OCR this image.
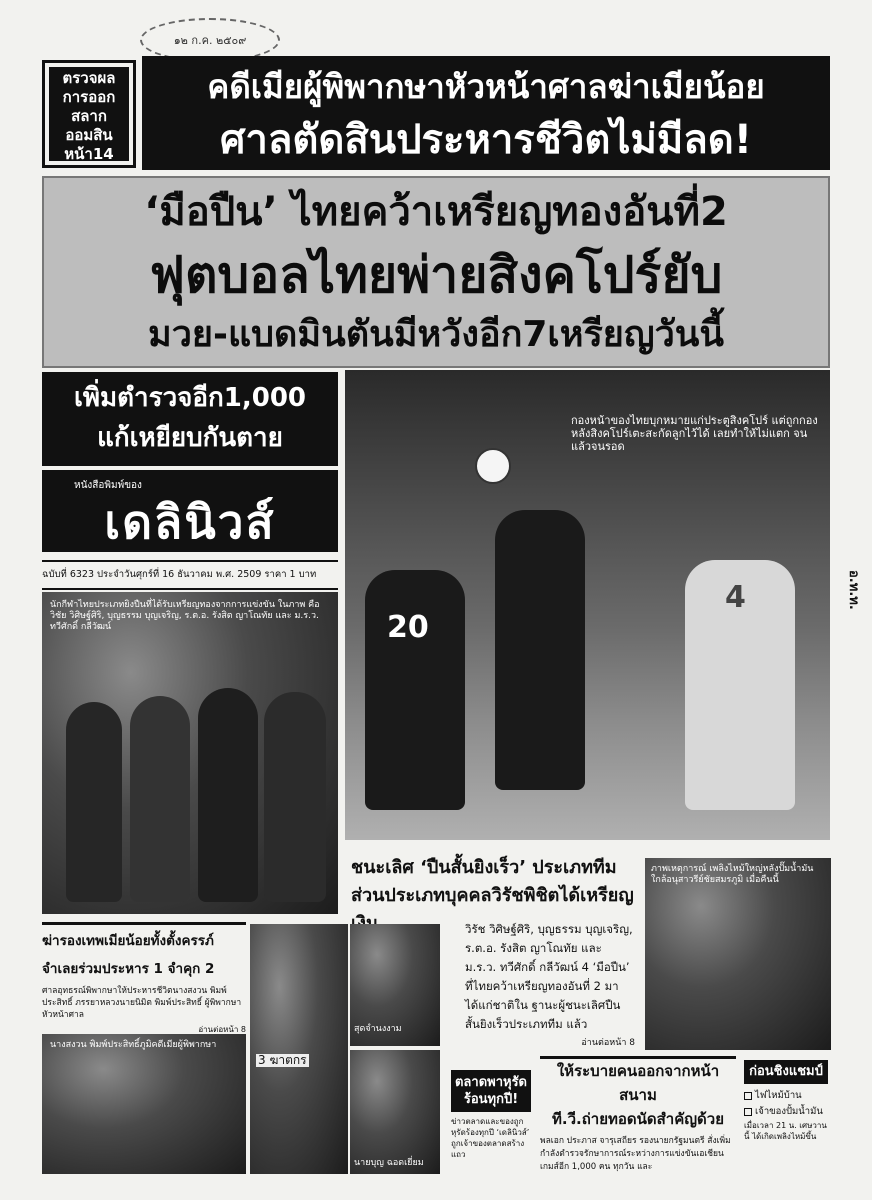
๑๒ ก.ค. ๒๕๐๙
ตรวจผล
การออก
สลาก
ออมสิน
หน้า14
คดีเมียผู้พิพากษาหัวหน้าศาลฆ่าเมียน้อย
ศาลตัดสินประหารชีวิตไม่มีลด!
‘มือปืน’ ไทยคว้าเหรียญทองอันที่2
ฟุตบอลไทยพ่ายสิงคโปร์ยับ
มวย-แบดมินตันมีหวังอีก7เหรียญวันนี้
เพิ่มตำรวจอีก1,000
แก้เหยียบกันตาย
หนังสือพิมพ์ของ
เดลินิวส์
ฉบับที่ 6323 ประจำวันศุกร์ที่ 16 ธันวาคม พ.ศ. 2509 ราคา 1 บาท
นักกีฬาไทยประเภทยิงปืนที่ได้รับเหรียญทองจากการแข่งขัน ในภาพ คือ วิชัย วิศิษฐ์ศิริ, บุญธรรม บุญเจริญ, ร.ต.อ. รังสิต ญาโณทัย และ ม.ร.ว. ทวีศักดิ์ กลีวัฒน์
กองหน้าของไทยบุกหมายแก่ประตูสิงคโปร์ แต่ถูกกองหลังสิงคโปร์เตะสะกัดลูกไว้ได้ เลยทำให้ไม่แตก จนแล้วจนรอด
20
4	อ.ท.ท.
ชนะเลิศ ‘ปืนสั้นยิงเร็ว’ ประเภททีม
ส่วนประเภทบุคคลวิรัชพิชิตได้เหรียญ
วิรัช วิศิษฐ์ศิริ, บุญธรรม บุญเจริญ, ร.ต.อ. รังสิต ญาโณทัย และ ม.ร.ว. ทวีศักดิ์ กลีวัฒน์ 4 ‘มือปืน’ ที่ไทยคว้าเหรียญทองอันที่ 2 มาได้แก่ชาติใน ฐานะผู้ชนะเลิศปืนสั้นยิงเร็วประเภททีม แล้ว
อ่านต่อหน้า 8
ภาพเหตุการณ์ เพลิงไหม้ใหญ่หลังปั๊มน้ำมัน ใกล้อนุสาวรีย์ชัยสมรภูมิ เมื่อคืนนี้
ฆ่ารองเทพเมียน้อยทั้งตั้งครรภ์
จำเลยร่วมประหาร 1 จำคุก 2
ศาลอุทธรณ์พิพากษาให้ประหารชีวิตนางสงวน พิมพ์ประสิทธิ์ ภรรยาหลวงนายนิมิต พิมพ์ประสิทธิ์ ผู้พิพากษาหัวหน้าศาล
อ่านต่อหน้า 8
นางสงวน พิมพ์ประสิทธิ์ภูมิคดีเมียผู้พิพากษา
3 ฆาตกร
สุดจำนงงาม
นายบุญ ฉอดเยี่ยม
ตลาดพาหุรัด ร้อนทุกปี!
ข่าวตลาดและของถูก หุรัดร้องทุกปี ‘เดลินิวส์’ ถูกเจ้าของตลาดสร้างแถว
ให้ระบายคนออกจากหน้าสนาม
ที.วี.ถ่ายทอดนัดสำคัญด้วย
พลเอก ประภาส จารุเสถียร รองนายกรัฐมนตรี สั่งเพิ่มกำลังตำรวจรักษาการณ์ระหว่างการแข่งขันเอเชียนเกมส์อีก 1,000 คน ทุกวัน และ
ก่อนชิงแชมป์
ไฟไหม้บ้าน
เจ้าของปั้มน้ำมัน
เมื่อเวลา 21 น. เศษวานนี้ ได้เกิดเพลิงไหม้ขึ้น
